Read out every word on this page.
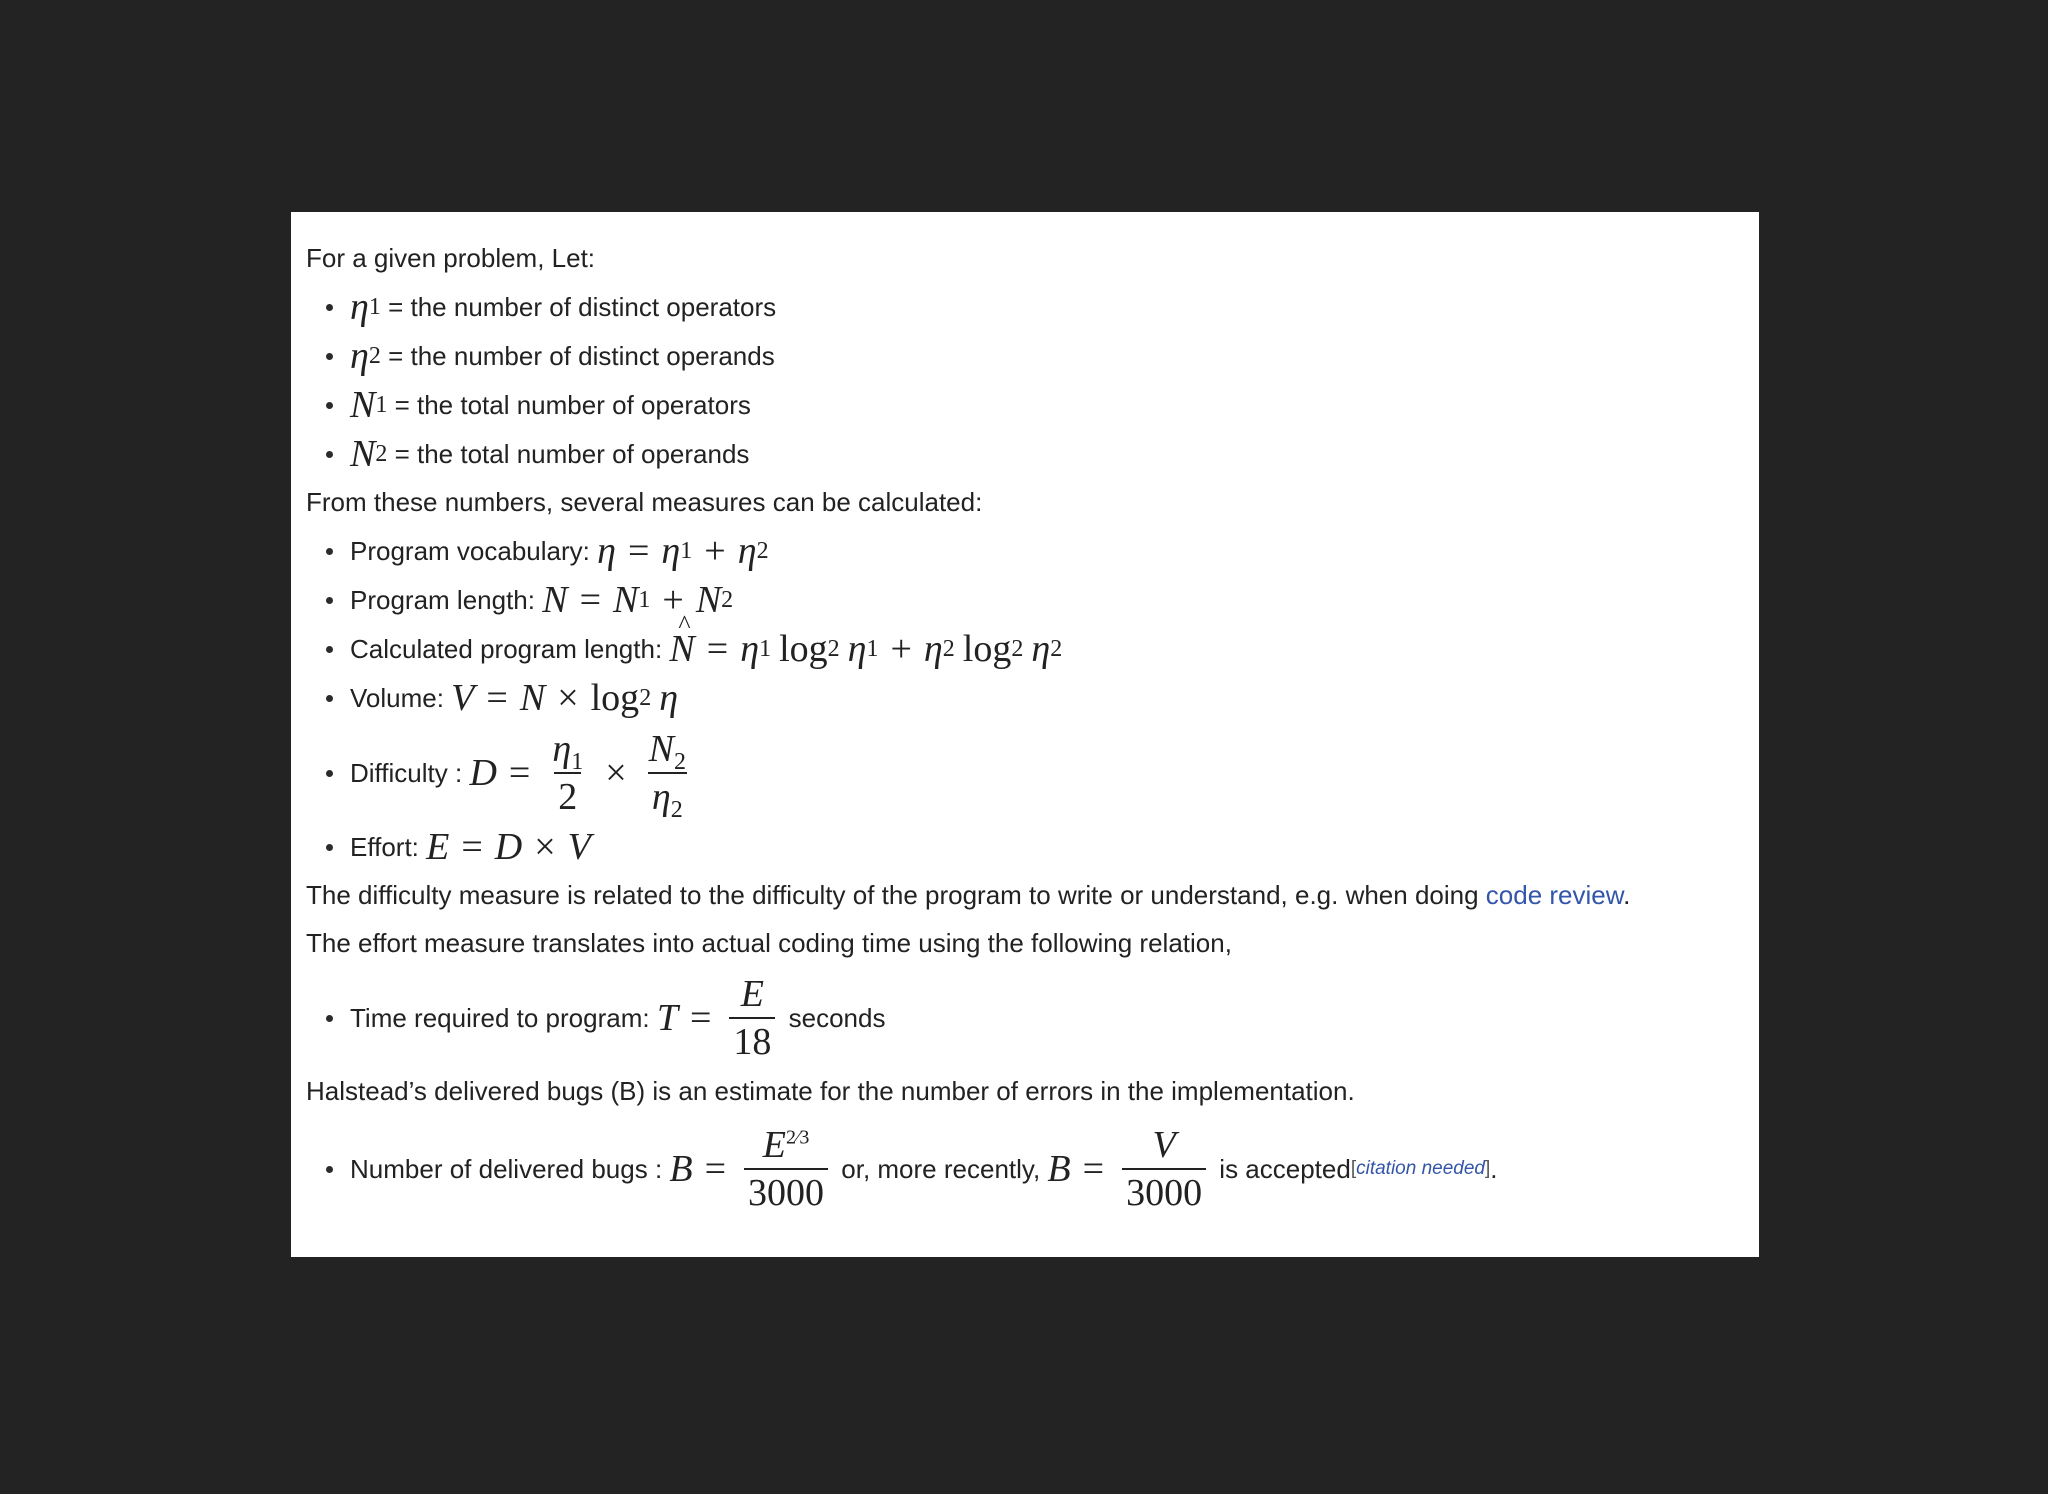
For a given problem, Let:

η 1 = the number of distinct operators
η 2 = the number of distinct operands
N 1 = the total number of operators
N 2 = the total number of operands

From these numbers, several measures can be calculated:

Program vocabulary: η = η 1 + η 2
Program length: N = N 1 + N 2
Calculated program length:
^ N = η 1 log 2 η 1 + η 2 log 2 η 2
Volume: V = N × log 2 η
Difficulty : $D = \frac{\eta_1}{2} \times \frac{N_2}{\eta_2}$
Effort: E = D × V

The difficulty measure is related to the difficulty of the program to write or understand, e.g. when doing code review.

The effort measure translates into actual coding time using the following relation,

Time required to program: $T = \frac{E}{18}$ seconds

Halstead’s delivered bugs (B) is an estimate for the number of errors in the implementation.

Number of delivered bugs : $B = \frac{E^{2⁄3}}{3000}$ or, more recently, $B = \frac{V}{3000}$ is accepted [citation needed] .
